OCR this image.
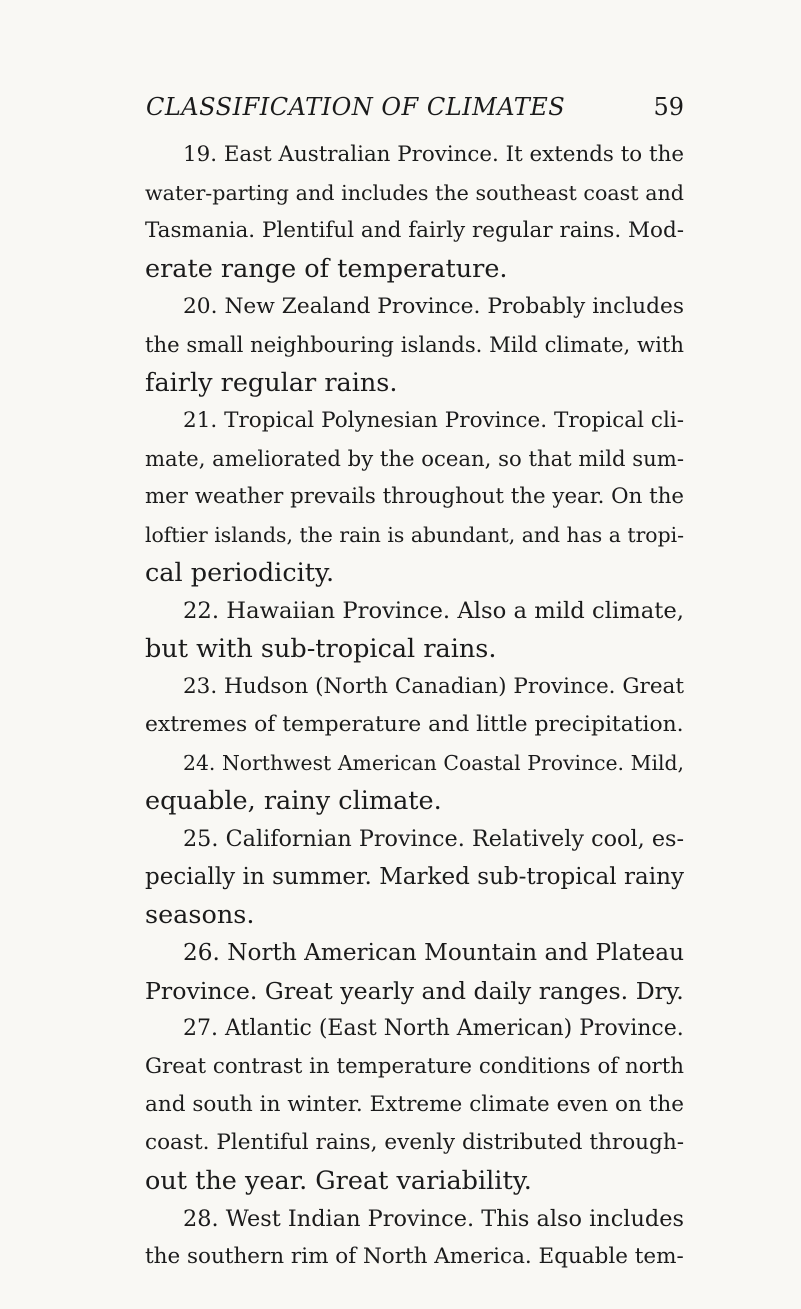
CLASSIFICATION OF CLIMATES	59
19. East Australian Province. It extends to the
water-parting and includes the southeast coast and
Tasmania. Plentiful and fairly regular rains. Mod-
erate range of temperature.
20. New Zealand Province. Probably includes
the small neighbouring islands. Mild climate, with
fairly regular rains.
21. Tropical Polynesian Province. Tropical cli-
mate, ameliorated by the ocean, so that mild sum-
mer weather prevails throughout the year. On the
loftier islands, the rain is abundant, and has a tropi-
cal periodicity.
22. Hawaiian Province. Also a mild climate,
but with sub-tropical rains.
23. Hudson (North Canadian) Province. Great
extremes of temperature and little precipitation.
24. Northwest American Coastal Province. Mild,
equable, rainy climate.
25. Californian Province. Relatively cool, es-
pecially in summer. Marked sub-tropical rainy
seasons.
26. North American Mountain and Plateau
Province. Great yearly and daily ranges. Dry.
27. Atlantic (East North American) Province.
Great contrast in temperature conditions of north
and south in winter. Extreme climate even on the
coast. Plentiful rains, evenly distributed through-
out the year. Great variability.
28. West Indian Province. This also includes
the southern rim of North America. Equable tem-
